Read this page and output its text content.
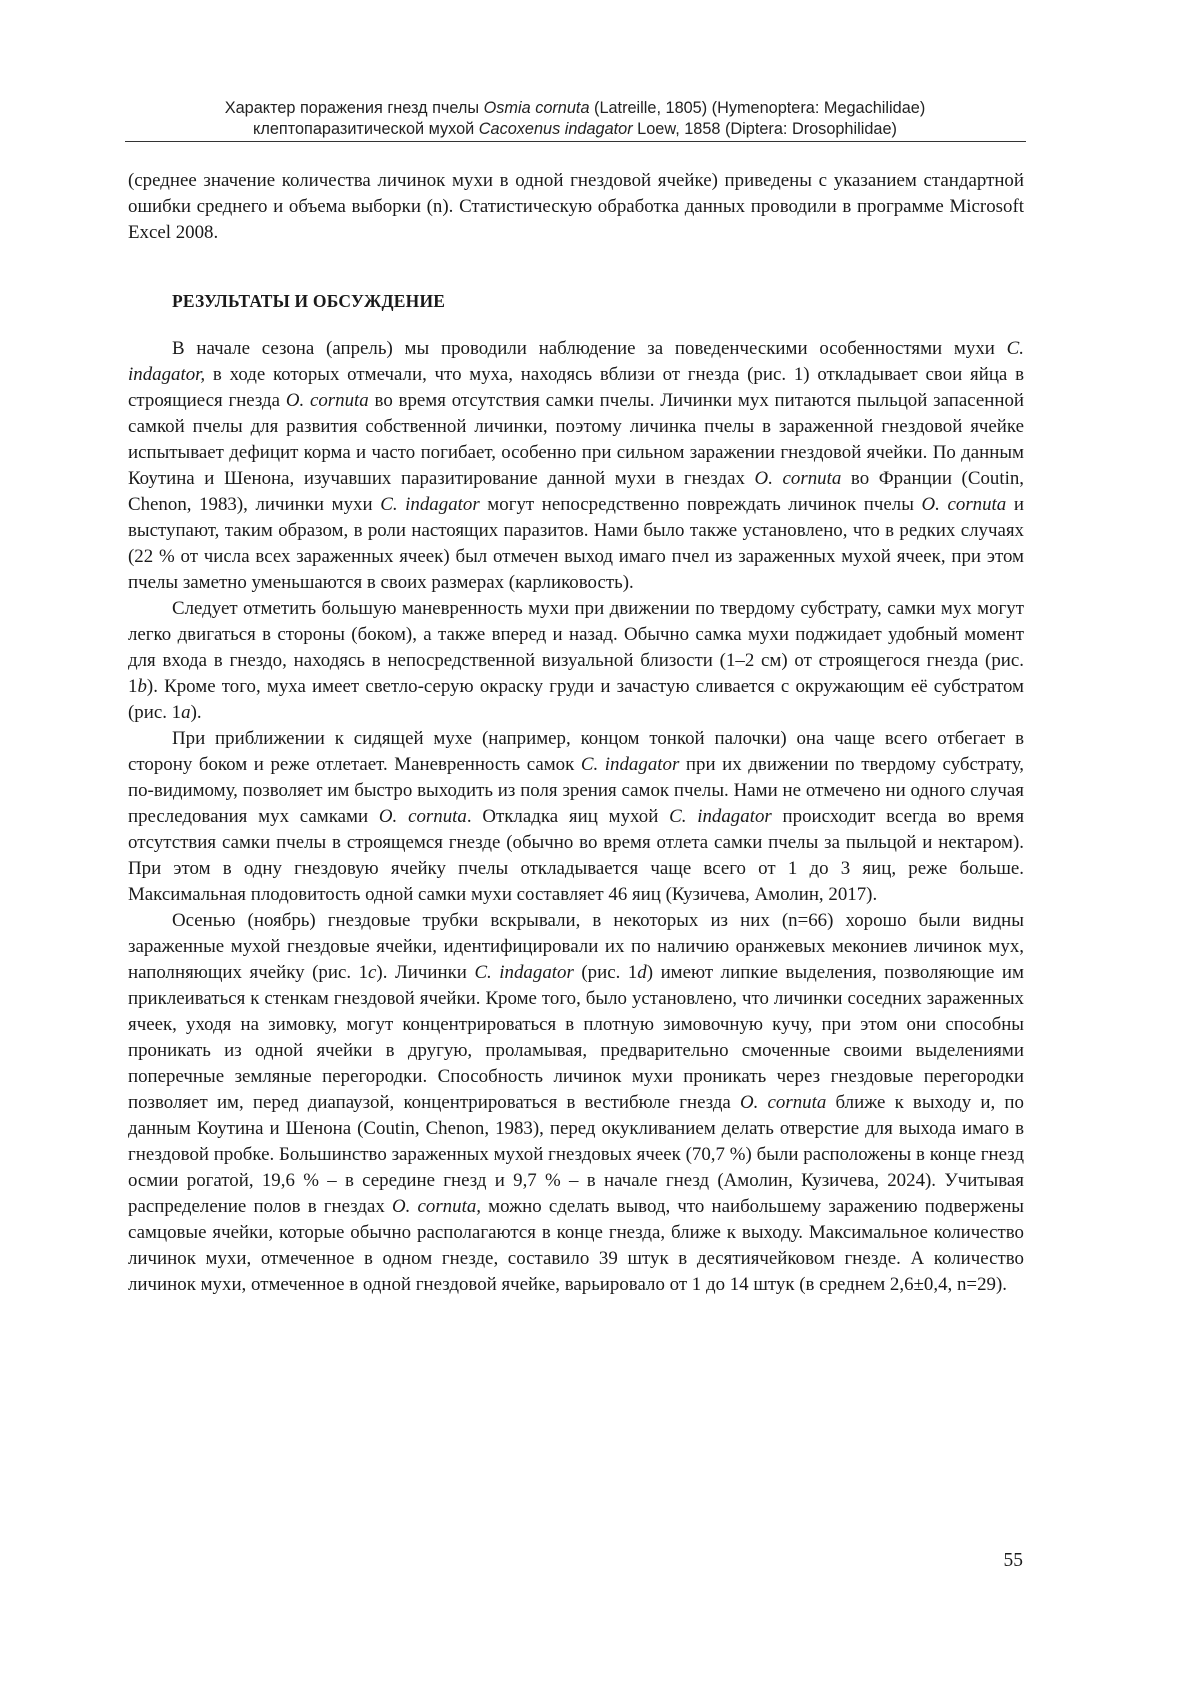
Характер поражения гнезд пчелы Osmia cornuta (Latreille, 1805) (Hymenoptera: Megachilidae)
клептопаразитической мухой Cacoxenus indagator Loew, 1858 (Diptera: Drosophilidae)

(среднее значение количества личинок мухи в одной гнездовой ячейке) приведены с указанием стандартной ошибки среднего и объема выборки (n). Статистическую обработка данных проводили в программе Microsoft Excel 2008.

РЕЗУЛЬТАТЫ И ОБСУЖДЕНИЕ

В начале сезона (апрель) мы проводили наблюдение за поведенческими особенностями мухи C. indagator, в ходе которых отмечали, что муха, находясь вблизи от гнезда (рис. 1) откладывает свои яйца в строящиеся гнезда O. cornuta во время отсутствия самки пчелы. Личинки мух питаются пыльцой запасенной самкой пчелы для развития собственной личинки, поэтому личинка пчелы в зараженной гнездовой ячейке испытывает дефицит корма и часто погибает, особенно при сильном заражении гнездовой ячейки. По данным Коутина и Шенона, изучавших паразитирование данной мухи в гнездах O. cornuta во Франции (Coutin, Chenon, 1983), личинки мухи C. indagator могут непосредственно повреждать личинок пчелы O. cornuta и выступают, таким образом, в роли настоящих паразитов. Нами было также установлено, что в редких случаях (22 % от числа всех зараженных ячеек) был отмечен выход имаго пчел из зараженных мухой ячеек, при этом пчелы заметно уменьшаются в своих размерах (карликовость).

Следует отметить большую маневренность мухи при движении по твердому субстрату, самки мух могут легко двигаться в стороны (боком), а также вперед и назад. Обычно самка мухи поджидает удобный момент для входа в гнездо, находясь в непосредственной визуальной близости (1–2 см) от строящегося гнезда (рис. 1b). Кроме того, муха имеет светло-серую окраску груди и зачастую сливается с окружающим её субстратом (рис. 1a).

При приближении к сидящей мухе (например, концом тонкой палочки) она чаще всего отбегает в сторону боком и реже отлетает. Маневренность самок C. indagator при их движении по твердому субстрату, по-видимому, позволяет им быстро выходить из поля зрения самок пчелы. Нами не отмечено ни одного случая преследования мух самками O. cornuta. Откладка яиц мухой C. indagator происходит всегда во время отсутствия самки пчелы в строящемся гнезде (обычно во время отлета самки пчелы за пыльцой и нектаром). При этом в одну гнездовую ячейку пчелы откладывается чаще всего от 1 до 3 яиц, реже больше. Максимальная плодовитость одной самки мухи составляет 46 яиц (Кузичева, Амолин, 2017).

Осенью (ноябрь) гнездовые трубки вскрывали, в некоторых из них (n=66) хорошо были видны зараженные мухой гнездовые ячейки, идентифицировали их по наличию оранжевых мекониев личинок мух, наполняющих ячейку (рис. 1c). Личинки C. indagator (рис. 1d) имеют липкие выделения, позволяющие им приклеиваться к стенкам гнездовой ячейки. Кроме того, было установлено, что личинки соседних зараженных ячеек, уходя на зимовку, могут концентрироваться в плотную зимовочную кучу, при этом они способны проникать из одной ячейки в другую, проламывая, предварительно смоченные своими выделениями поперечные земляные перегородки. Способность личинок мухи проникать через гнездовые перегородки позволяет им, перед диапаузой, концентрироваться в вестибюле гнезда O. cornuta ближе к выходу и, по данным Коутина и Шенона (Coutin, Chenon, 1983), перед окукливанием делать отверстие для выхода имаго в гнездовой пробке. Большинство зараженных мухой гнездовых ячеек (70,7 %) были расположены в конце гнезд осмии рогатой, 19,6 % – в середине гнезд и 9,7 % – в начале гнезд (Амолин, Кузичева, 2024). Учитывая распределение полов в гнездах O. cornuta, можно сделать вывод, что наибольшему заражению подвержены самцовые ячейки, которые обычно располагаются в конце гнезда, ближе к выходу. Максимальное количество личинок мухи, отмеченное в одном гнезде, составило 39 штук в десятиячейковом гнезде. А количество личинок мухи, отмеченное в одной гнездовой ячейке, варьировало от 1 до 14 штук (в среднем 2,6±0,4, n=29).

55
